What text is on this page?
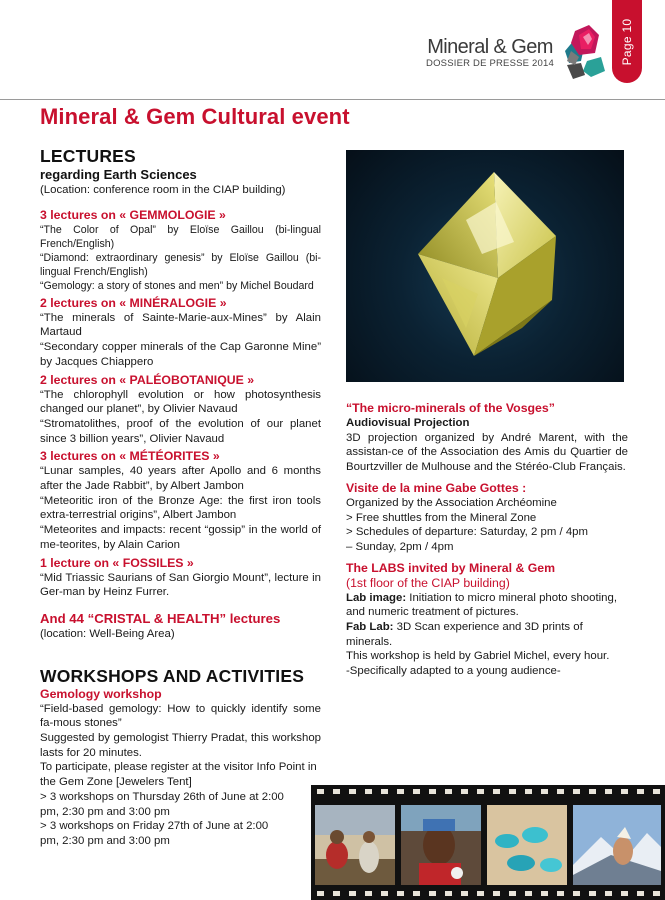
Mineral & Gem
DOSSIER DE PRESSE 2014	Page 10
Mineral & Gem Cultural event
LECTURES
regarding Earth Sciences
(Location: conference room in the CIAP building)
3 lectures on « GEMMOLOGIE »
“The Color of Opal” by Eloïse Gaillou (bi-lingual French/English)
“Diamond: extraordinary genesis” by Eloïse Gaillou (bi-lingual French/English)
“Gemology: a story of stones and men” by Michel Boudard
2 lectures on « MINÉRALOGIE »
“The minerals of Sainte-Marie-aux-Mines” by Alain Martaud
“Secondary copper minerals of the Cap Garonne Mine” by Jacques Chiappero
2 lectures on « PALÉOBOTANIQUE »
“The chlorophyll evolution or how photosynthesis changed our planet”, by Olivier Navaud
“Stromatolithes, proof of the evolution of our planet since 3 billion years”, Olivier Navaud
3 lectures on « MÉTÉORITES »
“Lunar samples, 40 years after Apollo and 6 months after the Jade Rabbit”, by Albert Jambon
“Meteoritic iron of the Bronze Age: the first iron tools extra-terrestrial origins”, Albert Jambon
“Meteorites and impacts: recent “gossip” in the world of me-teorites, by Alain Carion
1 lecture on « FOSSILES »
“Mid Triassic Saurians of San Giorgio Mount”, lecture in Ger-man by Heinz Furrer.
And 44 “CRISTAL & HEALTH” lectures
(location: Well-Being Area)
WORKSHOPS AND ACTIVITIES
Gemology workshop
“Field-based gemology: How to quickly identify some fa-mous stones”
Suggested by gemologist Thierry Pradat, this workshop lasts for 20 minutes.
To participate, please register at the visitor Info Point in the Gem Zone [Jewelers Tent]
> 3 workshops on Thursday 26th of June at 2:00 pm, 2:30 pm and 3:00 pm
> 3 workshops on Friday 27th of June at 2:00 pm, 2:30 pm and 3:00 pm
“The micro-minerals of the Vosges”
Audiovisual Projection
3D projection organized by André Marent, with the assistan-ce of the Association des Amis du Quartier de Bourtzviller de Mulhouse and the Stéréo-Club Français.
Visite de la mine Gabe Gottes :
Organized by the Association Archéomine
> Free shuttles from the Mineral Zone
> Schedules of departure: Saturday, 2 pm / 4pm
– Sunday, 2pm / 4pm
The LABS invited by Mineral & Gem
(1st floor of the CIAP building)
Lab image: Initiation to micro mineral photo shooting, and numeric treatment of pictures.
Fab Lab: 3D Scan experience and 3D prints of minerals.
This workshop is held by Gabriel Michel, every hour.
-Specifically adapted to a young audience-
